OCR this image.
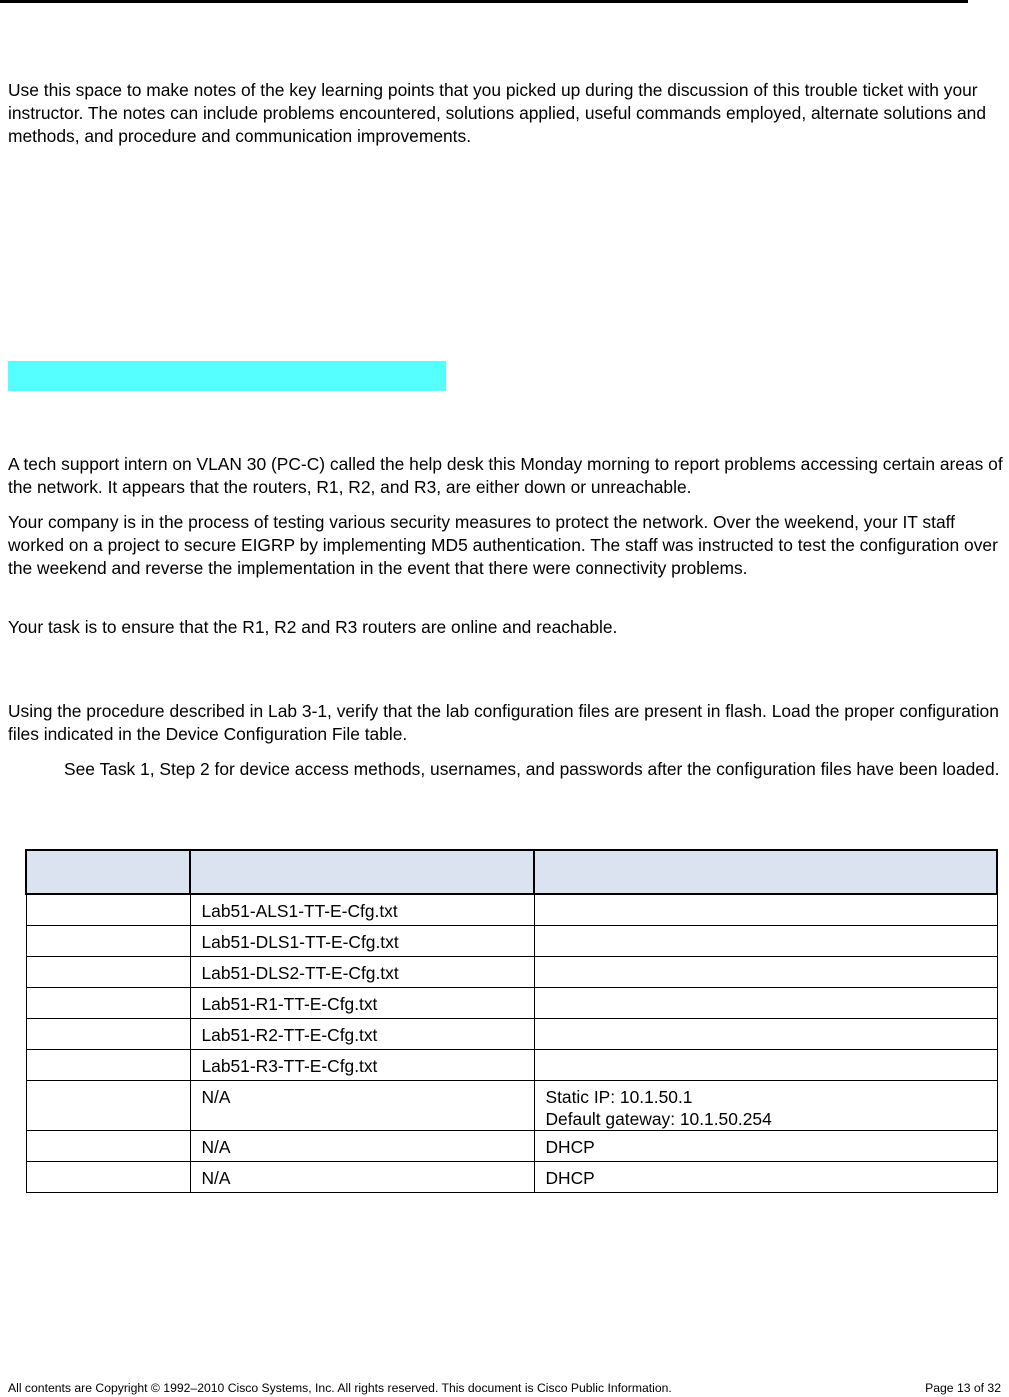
Use this space to make notes of the key learning points that you picked up during the discussion of this trouble ticket with your instructor. The notes can include problems encountered, solutions applied, useful commands employed, alternate solutions and methods, and procedure and communication improvements.

A tech support intern on VLAN 30 (PC-C) called the help desk this Monday morning to report problems accessing certain areas of the network. It appears that the routers, R1, R2, and R3, are either down or unreachable.

Your company is in the process of testing various security measures to protect the network. Over the weekend, your IT staff worked on a project to secure EIGRP by implementing MD5 authentication. The staff was instructed to test the configuration over the weekend and reverse the implementation in the event that there were connectivity problems.

Your task is to ensure that the R1, R2 and R3 routers are online and reachable.

Using the procedure described in Lab 3-1, verify that the lab configuration files are present in flash. Load the proper configuration files indicated in the Device Configuration File table.

See Task 1, Step 2 for device access methods, usernames, and passwords after the configuration files have been loaded.

	Lab51-ALS1-TT-E-Cfg.txt	
	Lab51-DLS1-TT-E-Cfg.txt	
	Lab51-DLS2-TT-E-Cfg.txt	
	Lab51-R1-TT-E-Cfg.txt	
	Lab51-R2-TT-E-Cfg.txt	
	Lab51-R3-TT-E-Cfg.txt	
	N/A	Static IP: 10.1.50.1
Default gateway: 10.1.50.254
	N/A	DHCP
	N/A	DHCP
All contents are Copyright © 1992–2010 Cisco Systems, Inc. All rights reserved. This document is Cisco Public Information.	Page 13 of 32
